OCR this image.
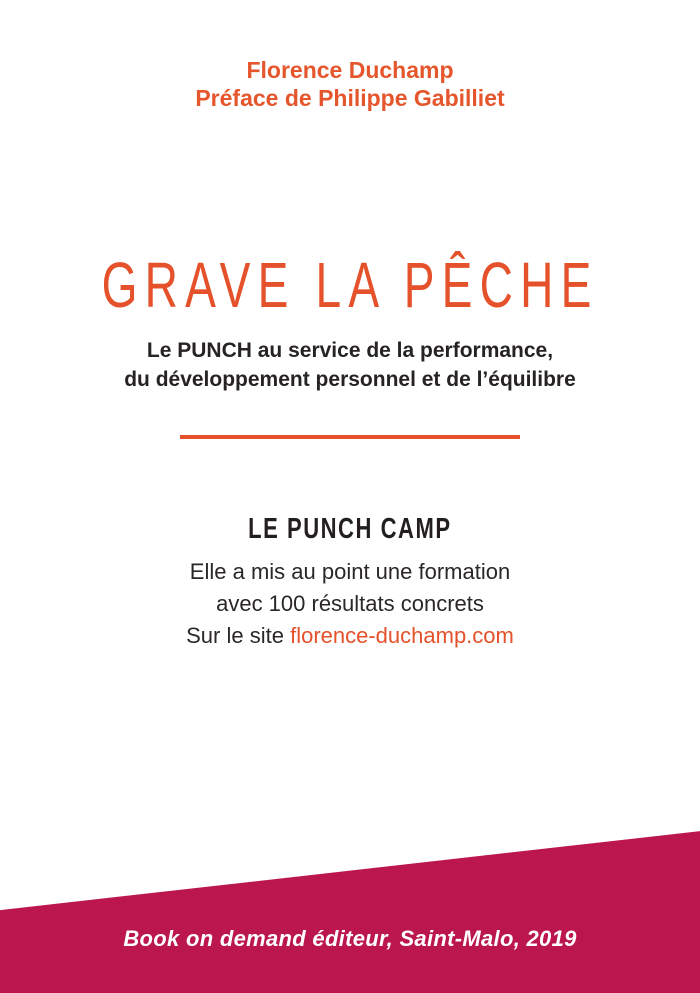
Florence Duchamp
Préface de Philippe Gabilliet
GRAVE LA PÊCHE
Le PUNCH au service de la performance,
du développement personnel et de l’équilibre
LE PUNCH CAMP
Elle a mis au point une formation
avec 100 résultats concrets
Sur le site florence-duchamp.com
Book on demand éditeur, Saint-Malo, 2019
